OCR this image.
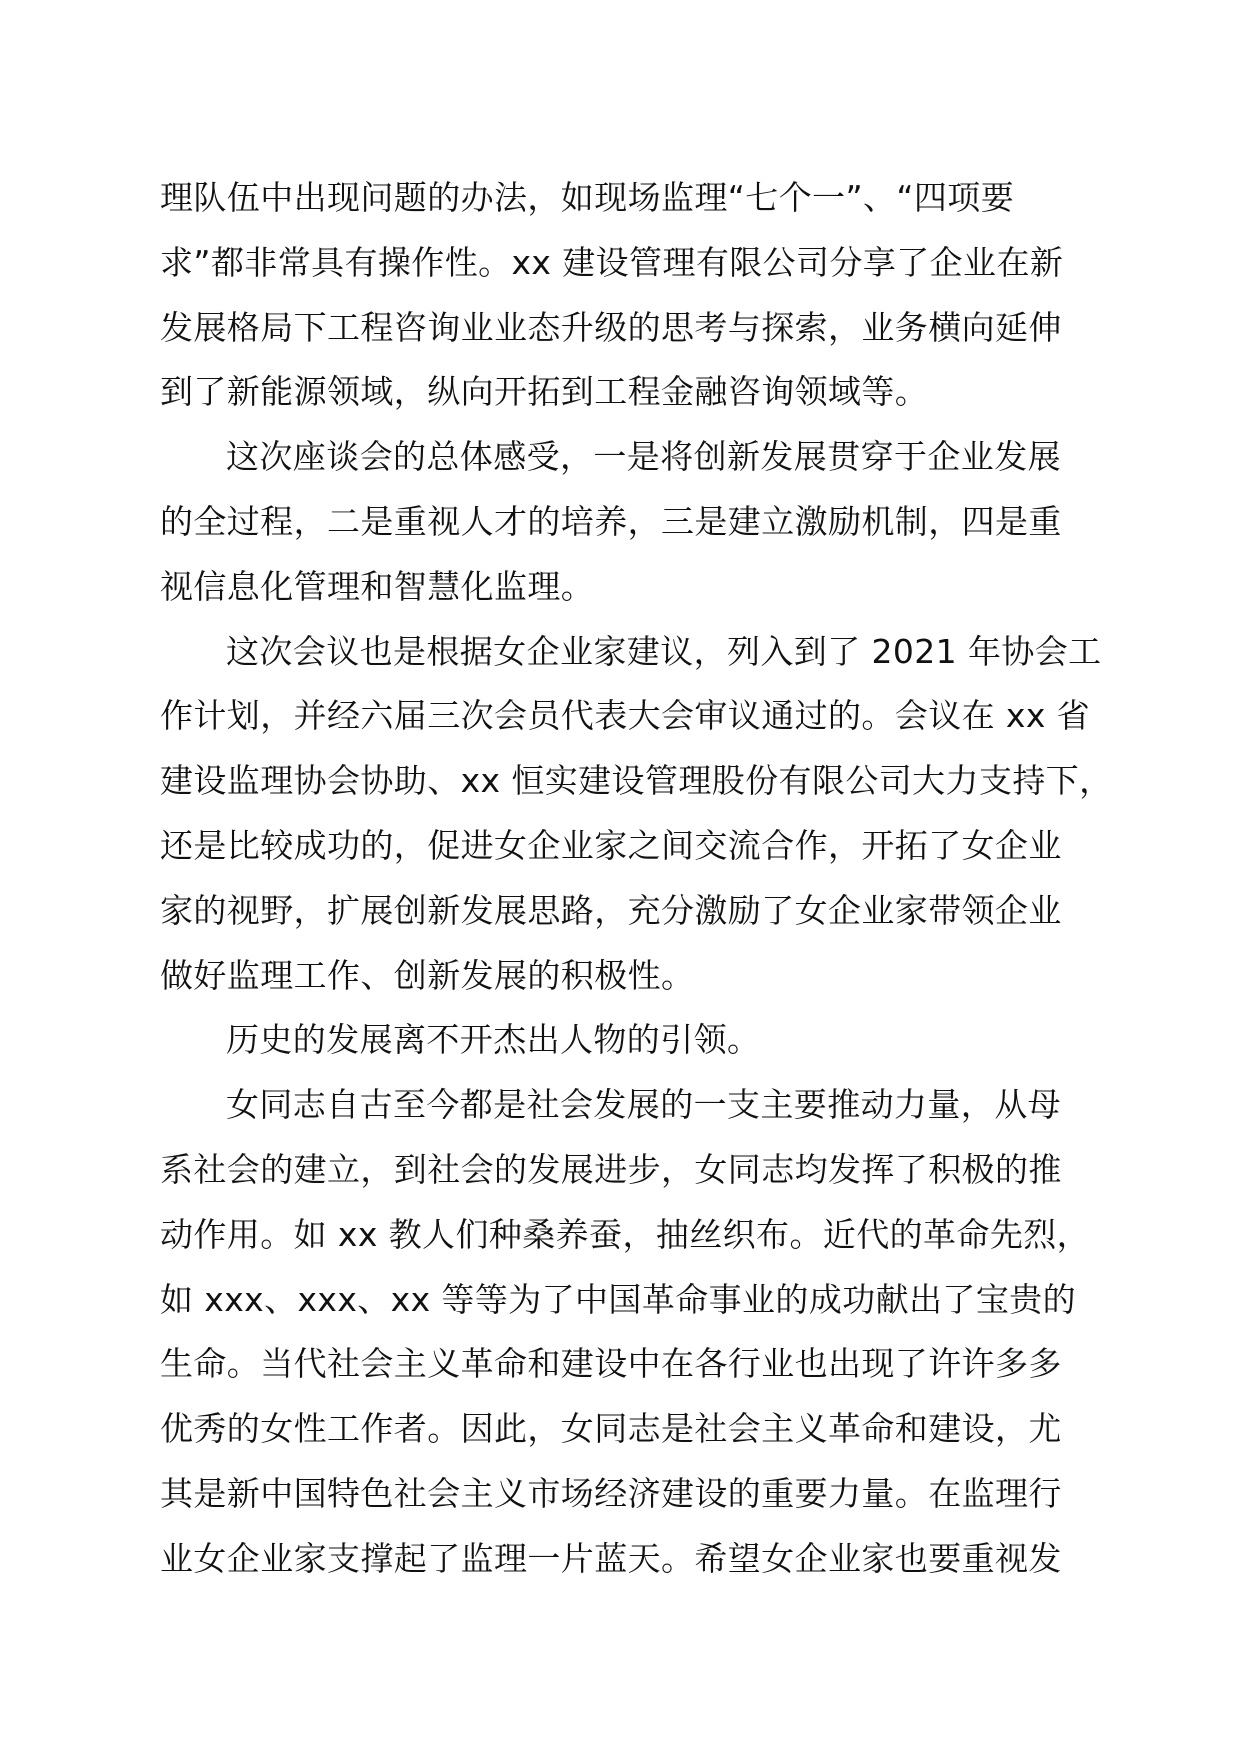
理队伍中出现问题的办法，如现场监理“七个一”、“四项要
求”都非常具有操作性。xx 建设管理有限公司分享了企业在新
发展格局下工程咨询业业态升级的思考与探索，业务横向延伸
到了新能源领域，纵向开拓到工程金融咨询领域等。
这次座谈会的总体感受，一是将创新发展贯穿于企业发展
的全过程，二是重视人才的培养，三是建立激励机制，四是重
视信息化管理和智慧化监理。
这次会议也是根据女企业家建议，列入到了 2021 年协会工
作计划，并经六届三次会员代表大会审议通过的。会议在 xx 省
建设监理协会协助、xx 恒实建设管理股份有限公司大力支持下，
还是比较成功的，促进女企业家之间交流合作，开拓了女企业
家的视野，扩展创新发展思路，充分激励了女企业家带领企业
做好监理工作、创新发展的积极性。
历史的发展离不开杰出人物的引领。
女同志自古至今都是社会发展的一支主要推动力量，从母
系社会的建立，到社会的发展进步，女同志均发挥了积极的推
动作用。如 xx 教人们种桑养蚕，抽丝织布。近代的革命先烈，
如 xxx、xxx、xx 等等为了中国革命事业的成功献出了宝贵的
生命。当代社会主义革命和建设中在各行业也出现了许许多多
优秀的女性工作者。因此，女同志是社会主义革命和建设，尤
其是新中国特色社会主义市场经济建设的重要力量。在监理行
业女企业家支撑起了监理一片蓝天。希望女企业家也要重视发
